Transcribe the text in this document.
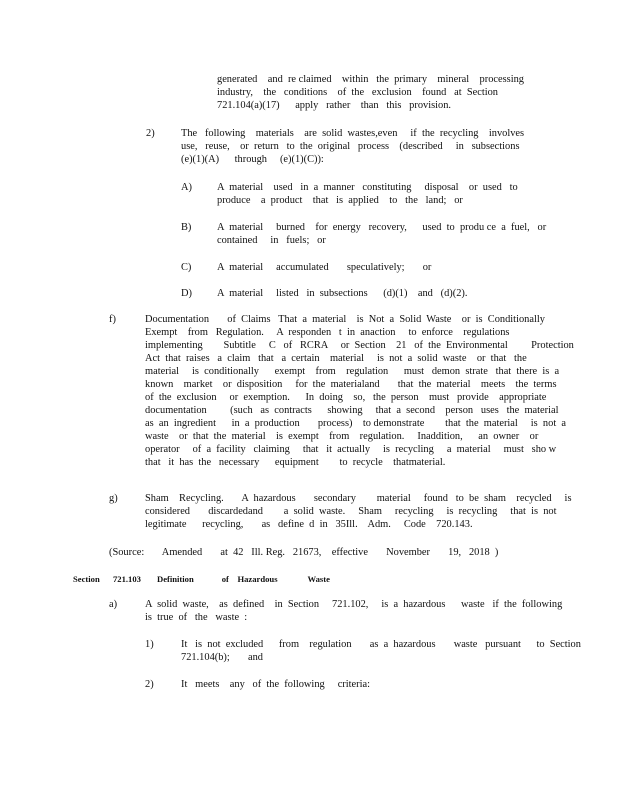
generated    and  re claimed    within   the  primary    mineral    processing
industry,    the   conditions    of  the   exclusion    found   at  Section
721.104(a)(17)      apply   rather    than   this   provision.

2)	The   following    materials    are  solid  wastes,even     if  the  recycling    involves
use,   reuse,    or  return   to  the  original   process    (described     in   subsections
(e)(1)(A)      through     (e)(1)(C)):

A) A  material    used   in  a  manner   constituting     disposal    or  used   to
produce    a  product    that   is  applied    to   the   land;   or

B) A  material     burned    for  energy   recovery,      used  to  produ ce  a  fuel,   or
contained     in   fuels;   or

C) A  material     accumulated       speculatively;       or

D) A  material     listed   in  subsections      (d)(1)    and   (d)(2).

f)	Documentation       of  Claims   That  a  material    is  Not  a  Solid  Waste    or  is  Conditionally
Exempt    from   Regulation.     A  responden   t  in  anaction     to  enforce    regulations
implementing        Subtitle     C   of   RCRA     or  Section    21   of  the  Environmental         Protection
Act  that  raises   a  claim   that   a  certain    material     is  not  a  solid  waste    or  that   the
material     is  conditionally      exempt    from    regulation      must   demon  strate   that  there  is  a
known    market    or  disposition     for  the  materialand       that  the  material    meets    the  terms
of  the  exclusion     or  exemption.      In  doing    so,   the  person    must   provide    appropriate
documentation         (such   as  contracts      showing     that  a  second    person   uses   the  material
as  an  ingredient      in  a  production       process)    to demonstrate        that  the  material     is  not  a
waste    or  that  the  material    is  exempt    from    regulation.     Inaddition,      an  owner    or
operator     of  a  facility   claiming     that   it  actually     is  recycling     a  material     must   sho w
that   it  has  the   necessary      equipment        to  recycle    thatmaterial.

g)	Sham    Recycling.       A  hazardous       secondary        material     found   to  be  sham    recycled     is
considered       discardedand        a  solid  waste.     Sham     recycling     is  recycling     that  is  not
legitimate      recycling,       as   define  d  in   35Ill.    Adm.     Code    720.143.

(Source:       Amended       at  42   Ill. Reg.   21673,    effective       November       19,   2018  )

Section 721.103 Definition             of    Hazardous              Waste
a)	A  solid  waste,    as  defined    in  Section     721.102,     is  a  hazardous      waste   if  the  following
is  true  of   the   waste  :

1)	It   is  not  excluded      from    regulation       as  a  hazardous       waste   pursuant      to  Section
721.104(b);       and

2)	It   meets    any   of  the  following     criteria:
